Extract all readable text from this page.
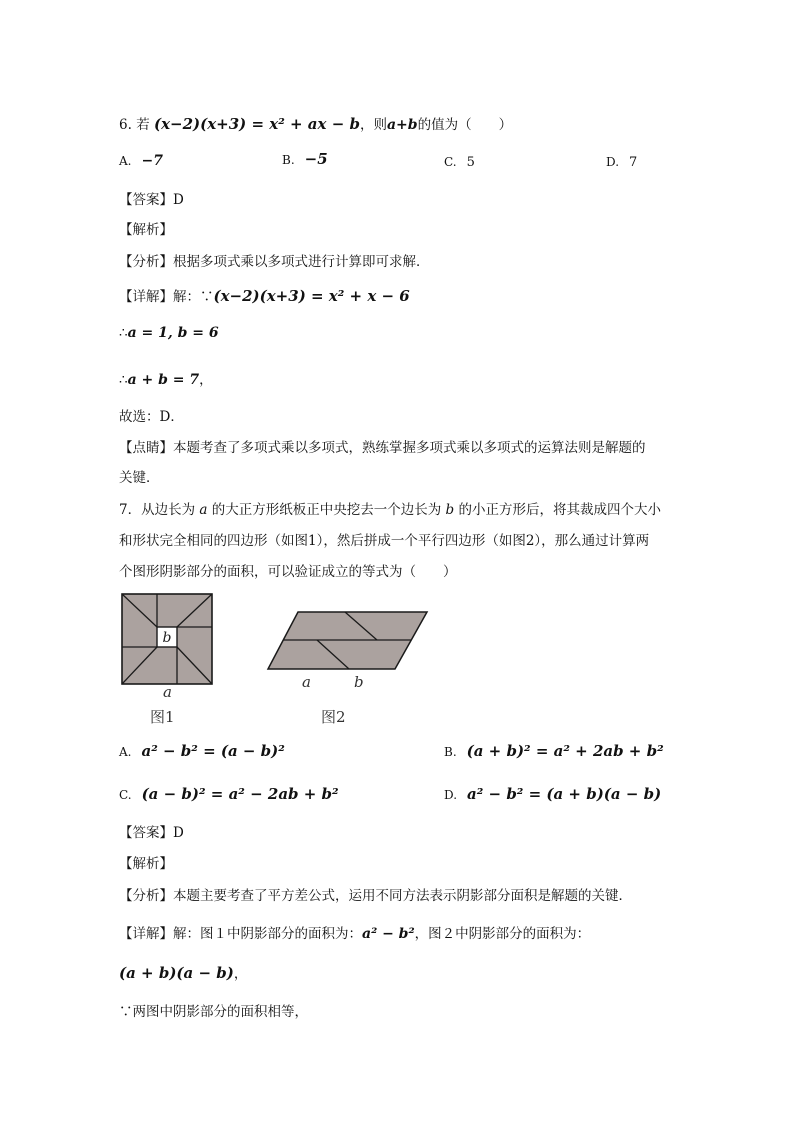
6. 若 (x−2)(x+3) = x² + ax − b，则a+b的值为（　　）
A. −7	B. −5	C. 5	D. 7
【答案】D
【解析】
【分析】根据多项式乘以多项式进行计算即可求解．
【详解】解：∵(x−2)(x+3) = x² + x − 6
∴a = 1, b = 6
∴a + b = 7，
故选：D．
【点睛】本题考查了多项式乘以多项式，熟练掌握多项式乘以多项式的运算法则是解题的
关键．
7．从边长为 a 的大正方形纸板正中央挖去一个边长为 b 的小正方形后，将其裁成四个大小
和形状完全相同的四边形（如图1），然后拼成一个平行四边形（如图2），那么通过计算两
个图形阴影部分的面积，可以验证成立的等式为（　　）
b
a
图1
a	b
图2
A. a² − b² = (a − b)²	B. (a + b)² = a² + 2ab + b²
C. (a − b)² = a² − 2ab + b²	D. a² − b² = (a + b)(a − b)
【答案】D
【解析】
【分析】本题主要考查了平方差公式，运用不同方法表示阴影部分面积是解题的关键．
【详解】解：图１中阴影部分的面积为：a² − b²，图２中阴影部分的面积为：
(a + b)(a − b)，
∵两图中阴影部分的面积相等，
